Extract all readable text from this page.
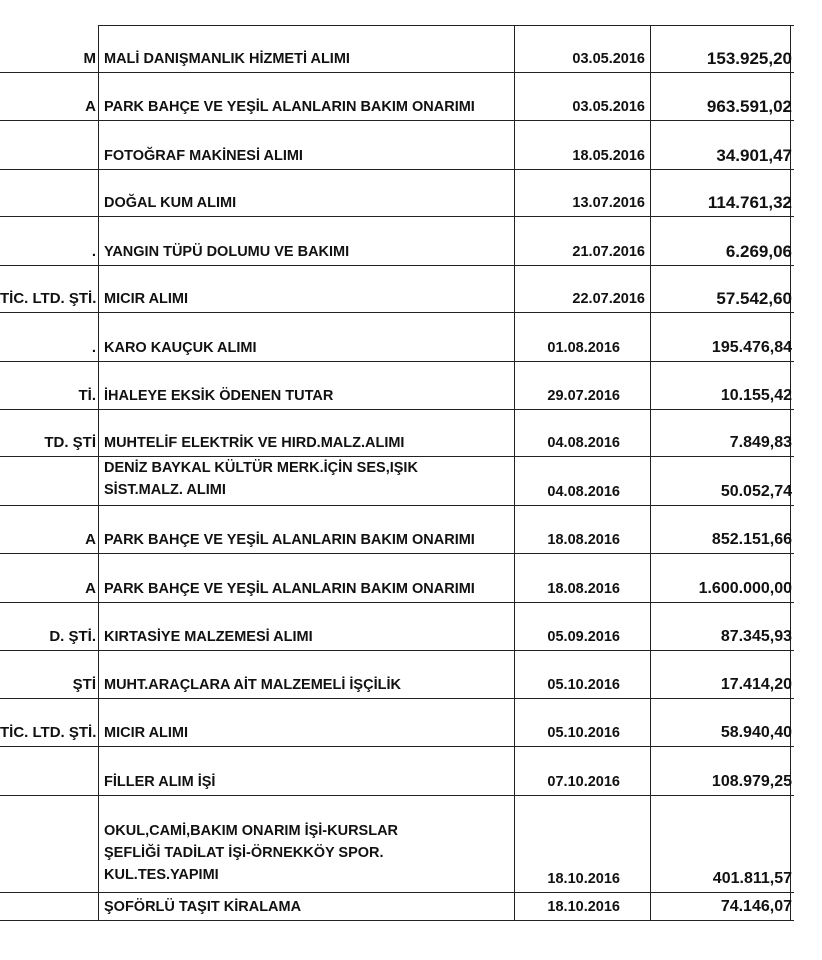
M MALİ DANIŞMANLIK HİZMETİ ALIMI	03.05.2016	153.925,20
A PARK BAHÇE VE YEŞİL ALANLARIN BAKIM ONARIMI	03.05.2016	963.591,02
FOTOĞRAF MAKİNESİ ALIMI	18.05.2016	34.901,47
DOĞAL KUM ALIMI	13.07.2016	114.761,32
. YANGIN TÜPÜ DOLUMU VE BAKIMI	21.07.2016	6.269,06
TİC. LTD. ŞTİ. MICIR ALIMI	22.07.2016	57.542,60
. KARO KAUÇUK ALIMI	01.08.2016	195.476,84
Tİ. İHALEYE EKSİK ÖDENEN TUTAR	29.07.2016	10.155,42
TD. ŞTİ MUHTELİF ELEKTRİK VE HIRD.MALZ.ALIMI	04.08.2016	7.849,83
DENİZ BAYKAL KÜLTÜR MERK.İÇİN SES,IŞIK
SİST.MALZ. ALIMI	04.08.2016	50.052,74
A PARK BAHÇE VE YEŞİL ALANLARIN BAKIM ONARIMI	18.08.2016	852.151,66
A PARK BAHÇE VE YEŞİL ALANLARIN BAKIM ONARIMI	18.08.2016	1.600.000,00
D. ŞTİ. KIRTASİYE MALZEMESİ ALIMI	05.09.2016	87.345,93
ŞTİ MUHT.ARAÇLARA AİT MALZEMELİ İŞÇİLİK	05.10.2016	17.414,20
TİC. LTD. ŞTİ. MICIR ALIMI	05.10.2016	58.940,40
FİLLER ALIM İŞİ	07.10.2016	108.979,25
OKUL,CAMİ,BAKIM ONARIM İŞİ-KURSLAR
ŞEFLİĞİ TADİLAT İŞİ-ÖRNEKKÖY SPOR.
KUL.TES.YAPIMI	18.10.2016	401.811,57
ŞOFÖRLÜ TAŞIT KİRALAMA	18.10.2016	74.146,07
